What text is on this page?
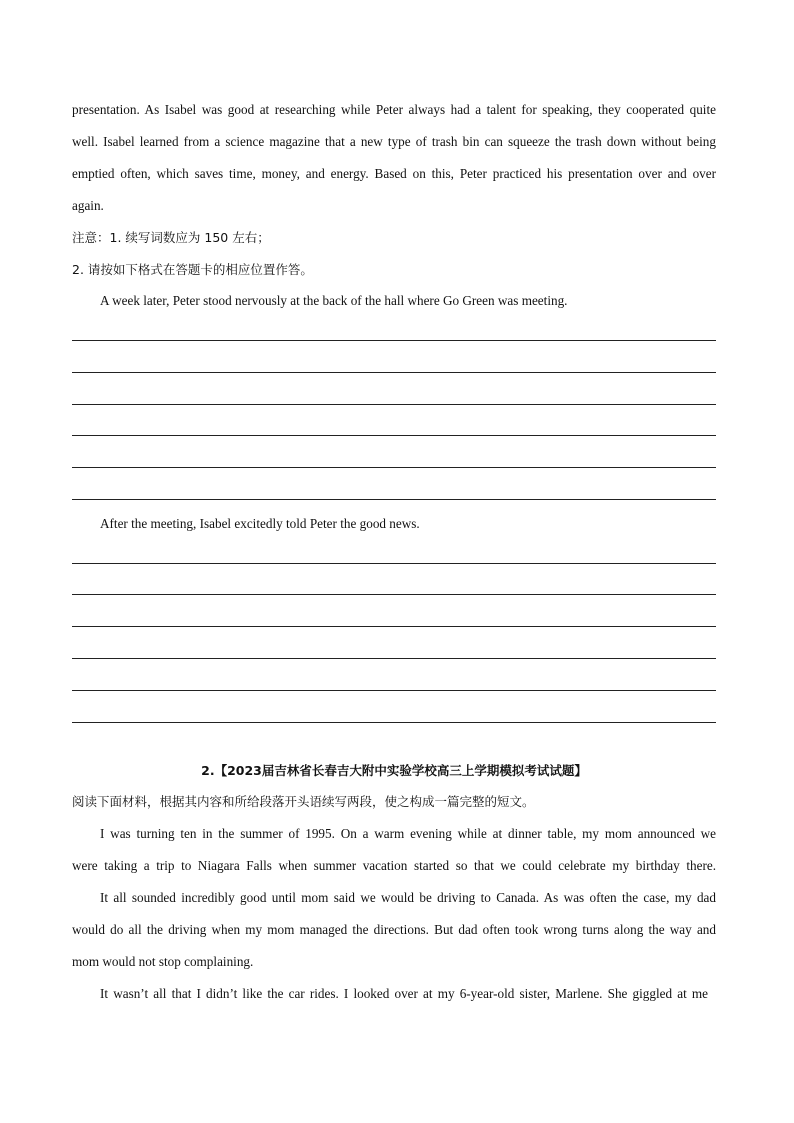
presentation. As Isabel was good at researching while Peter always had a talent for speaking, they cooperated quite
well. Isabel learned from a science magazine that a new type of trash bin can squeeze the trash down without being
emptied often, which saves time, money, and energy. Based on this, Peter practiced his presentation over and over
again.
注意：1. 续写词数应为 150 左右；
2. 请按如下格式在答题卡的相应位置作答。
A week later, Peter stood nervously at the back of the hall where Go Green was meeting.
After the meeting, Isabel excitedly told Peter the good news.
2.【2023届吉林省长春吉大附中实验学校高三上学期模拟考试试题】
阅读下面材料，根据其内容和所给段落开头语续写两段，使之构成一篇完整的短文。
I was turning ten in the summer of 1995. On a warm evening while at dinner table, my mom announced we
were taking a trip to Niagara Falls when summer vacation started so that we could celebrate my birthday there.
It all sounded incredibly good until mom said we would be driving to Canada. As was often the case, my dad
would do all the driving when my mom managed the directions. But dad often took wrong turns along the way and
mom would not stop complaining.
It wasn’t all that I didn’t like the car rides. I looked over at my 6-year-old sister, Marlene. She giggled at me
